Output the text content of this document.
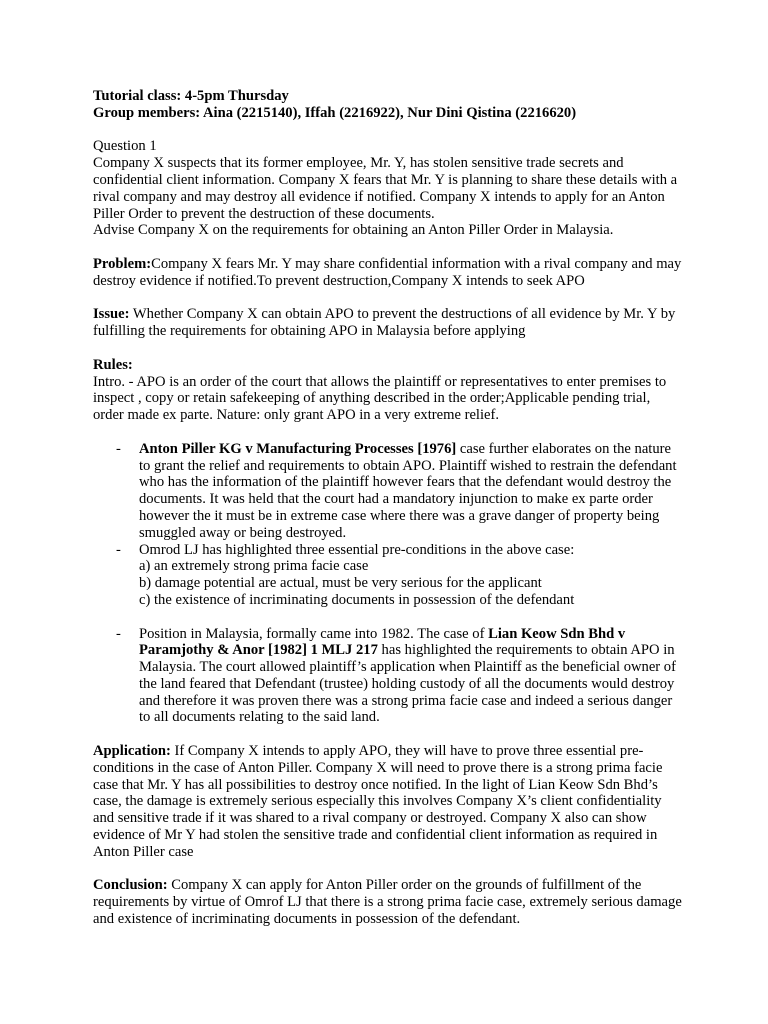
Tutorial class: 4-5pm Thursday

Group members: Aina (2215140), Iffah (2216922), Nur Dini Qistina (2216620)

Question 1

Company X suspects that its former employee, Mr. Y, has stolen sensitive trade secrets and confidential client information. Company X fears that Mr. Y is planning to share these details with a rival company and may destroy all evidence if notified. Company X intends to apply for an Anton Piller Order to prevent the destruction of these documents.

Advise Company X on the requirements for obtaining an Anton Piller Order in Malaysia.

Problem:Company X fears Mr. Y may share confidential information with a rival company and may destroy evidence if notified.To prevent destruction,Company X intends to seek APO

Issue: Whether Company X can obtain APO to prevent the destructions of all evidence by Mr. Y by fulfilling the requirements for obtaining APO in Malaysia before applying

Rules:

Intro. - APO is an order of the court that allows the plaintiff or representatives to enter premises to inspect , copy or retain safekeeping of anything described in the order;Applicable pending trial, order made ex parte. Nature: only grant APO in a very extreme relief.

- Anton Piller KG v Manufacturing Processes [1976] case further elaborates on the nature to grant the relief and requirements to obtain APO. Plaintiff wished to restrain the defendant who has the information of the plaintiff however fears that the defendant would destroy the documents. It was held that the court had a mandatory injunction to make ex parte order however the it must be in extreme case where there was a grave danger of property being smuggled away or being destroyed.
- Omrod LJ has highlighted three essential pre-conditions in the above case:
a) an extremely strong prima facie case
b) damage potential are actual, must be very serious for the applicant
c) the existence of incriminating documents in possession of the defendant
- Position in Malaysia, formally came into 1982. The case of Lian Keow Sdn Bhd v Paramjothy & Anor [1982] 1 MLJ 217 has highlighted the requirements to obtain APO in Malaysia. The court allowed plaintiff’s application when Plaintiff as the beneficial owner of the land feared that Defendant (trustee) holding custody of all the documents would destroy and therefore it was proven there was a strong prima facie case and indeed a serious danger to all documents relating to the said land.

Application: If Company X intends to apply APO, they will have to prove three essential pre-conditions in the case of Anton Piller. Company X will need to prove there is a strong prima facie case that Mr. Y has all possibilities to destroy once notified. In the light of Lian Keow Sdn Bhd’s case, the damage is extremely serious especially this involves Company X’s client confidentiality and sensitive trade if it was shared to a rival company or destroyed. Company X also can show evidence of Mr Y had stolen the sensitive trade and confidential client information as required in Anton Piller case

Conclusion: Company X can apply for Anton Piller order on the grounds of fulfillment of the requirements by virtue of Omrof LJ that there is a strong prima facie case, extremely serious damage and existence of incriminating documents in possession of the defendant.
